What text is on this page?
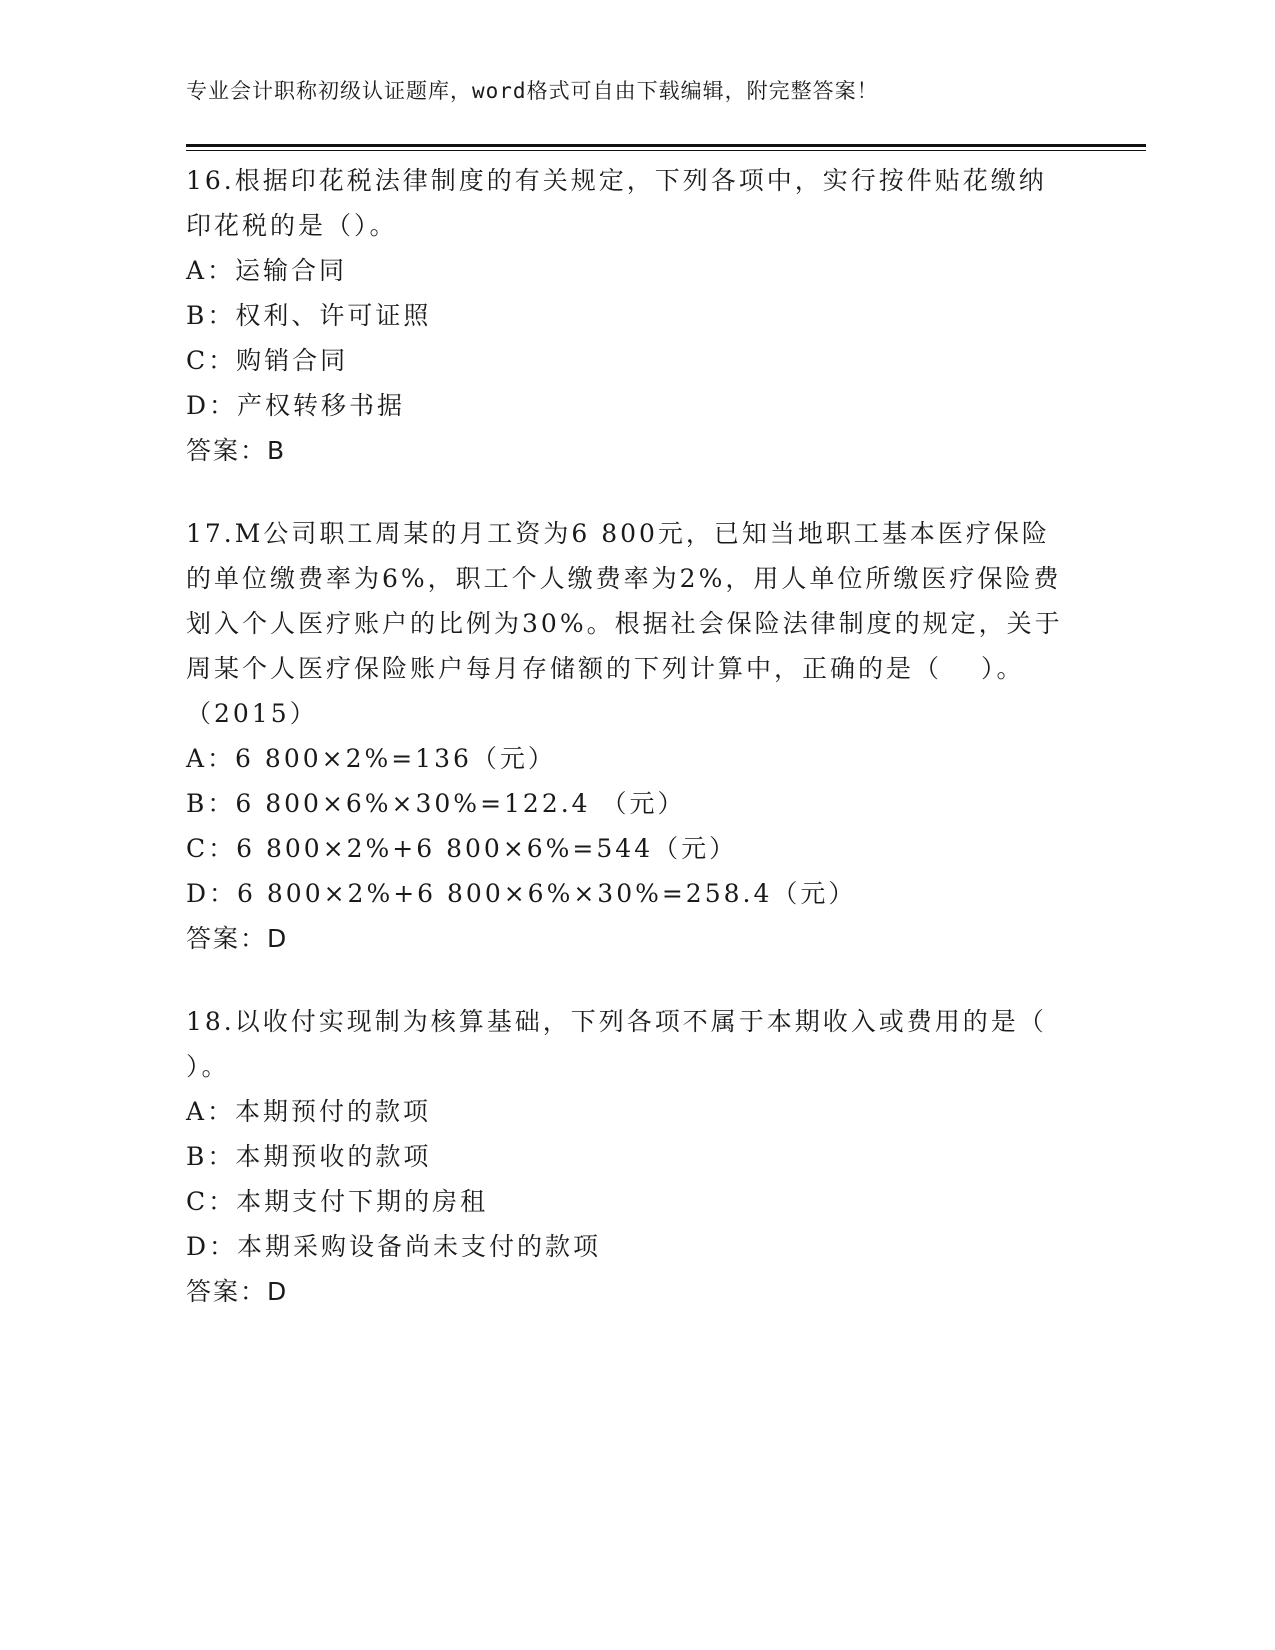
专业会计职称初级认证题库，word格式可自由下载编辑，附完整答案！
16.根据印花税法律制度的有关规定，下列各项中，实行按件贴花缴纳
印花税的是（）。
A：运输合同
B：权利、许可证照
C：购销合同
D：产权转移书据
答案：B
17.M公司职工周某的月工资为6 800元，已知当地职工基本医疗保险
的单位缴费率为6%，职工个人缴费率为2%，用人单位所缴医疗保险费
划入个人医疗账户的比例为30%。根据社会保险法律制度的规定，关于
周某个人医疗保险账户每月存储额的下列计算中，正确的是（　 ）。
（2015）
A：6 800×2%=136（元）
B：6 800×6%×30%=122.4 （元）
C：6 800×2%+6 800×6%=544（元）
D：6 800×2%+6 800×6%×30%=258.4（元）
答案：D
18.以收付实现制为核算基础，下列各项不属于本期收入或费用的是（
）。
A：本期预付的款项
B：本期预收的款项
C：本期支付下期的房租
D：本期采购设备尚未支付的款项
答案：D
